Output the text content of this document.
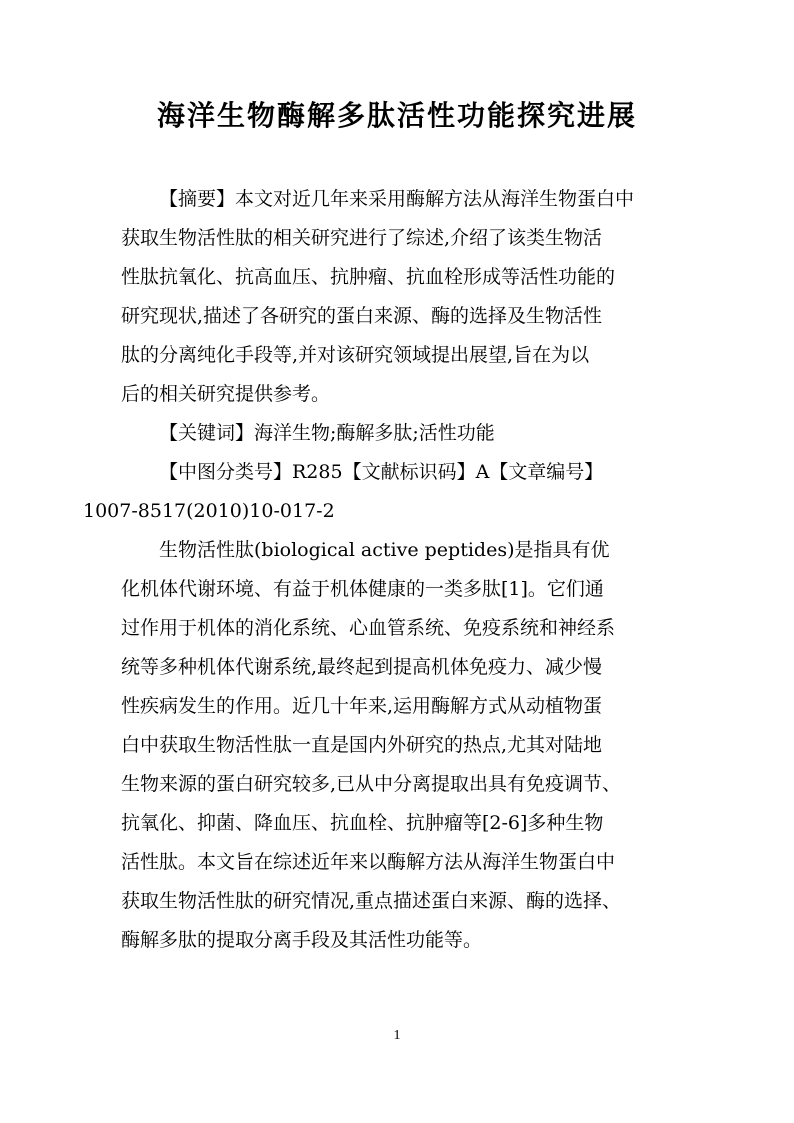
海洋生物酶解多肽活性功能探究进展

【摘要】本文对近几年来采用酶解方法从海洋生物蛋白中
获取生物活性肽的相关研究进行了综述,介绍了该类生物活
性肽抗氧化、抗高血压、抗肿瘤、抗血栓形成等活性功能的
研究现状,描述了各研究的蛋白来源、酶的选择及生物活性
肽的分离纯化手段等,并对该研究领域提出展望,旨在为以
后的相关研究提供参考。

【关键词】海洋生物;酶解多肽;活性功能

【中图分类号】R285【文献标识码】A【文章编号】
1007-8517(2010)10-017-2

生物活性肽(biological active peptides)是指具有优
化机体代谢环境、有益于机体健康的一类多肽[1]。它们通
过作用于机体的消化系统、心血管系统、免疫系统和神经系
统等多种机体代谢系统,最终起到提高机体免疫力、减少慢
性疾病发生的作用。近几十年来,运用酶解方式从动植物蛋
白中获取生物活性肽一直是国内外研究的热点,尤其对陆地
生物来源的蛋白研究较多,已从中分离提取出具有免疫调节、
抗氧化、抑菌、降血压、抗血栓、抗肿瘤等[2-6]多种生物
活性肽。本文旨在综述近年来以酶解方法从海洋生物蛋白中
获取生物活性肽的研究情况,重点描述蛋白来源、酶的选择、
酶解多肽的提取分离手段及其活性功能等。

1
